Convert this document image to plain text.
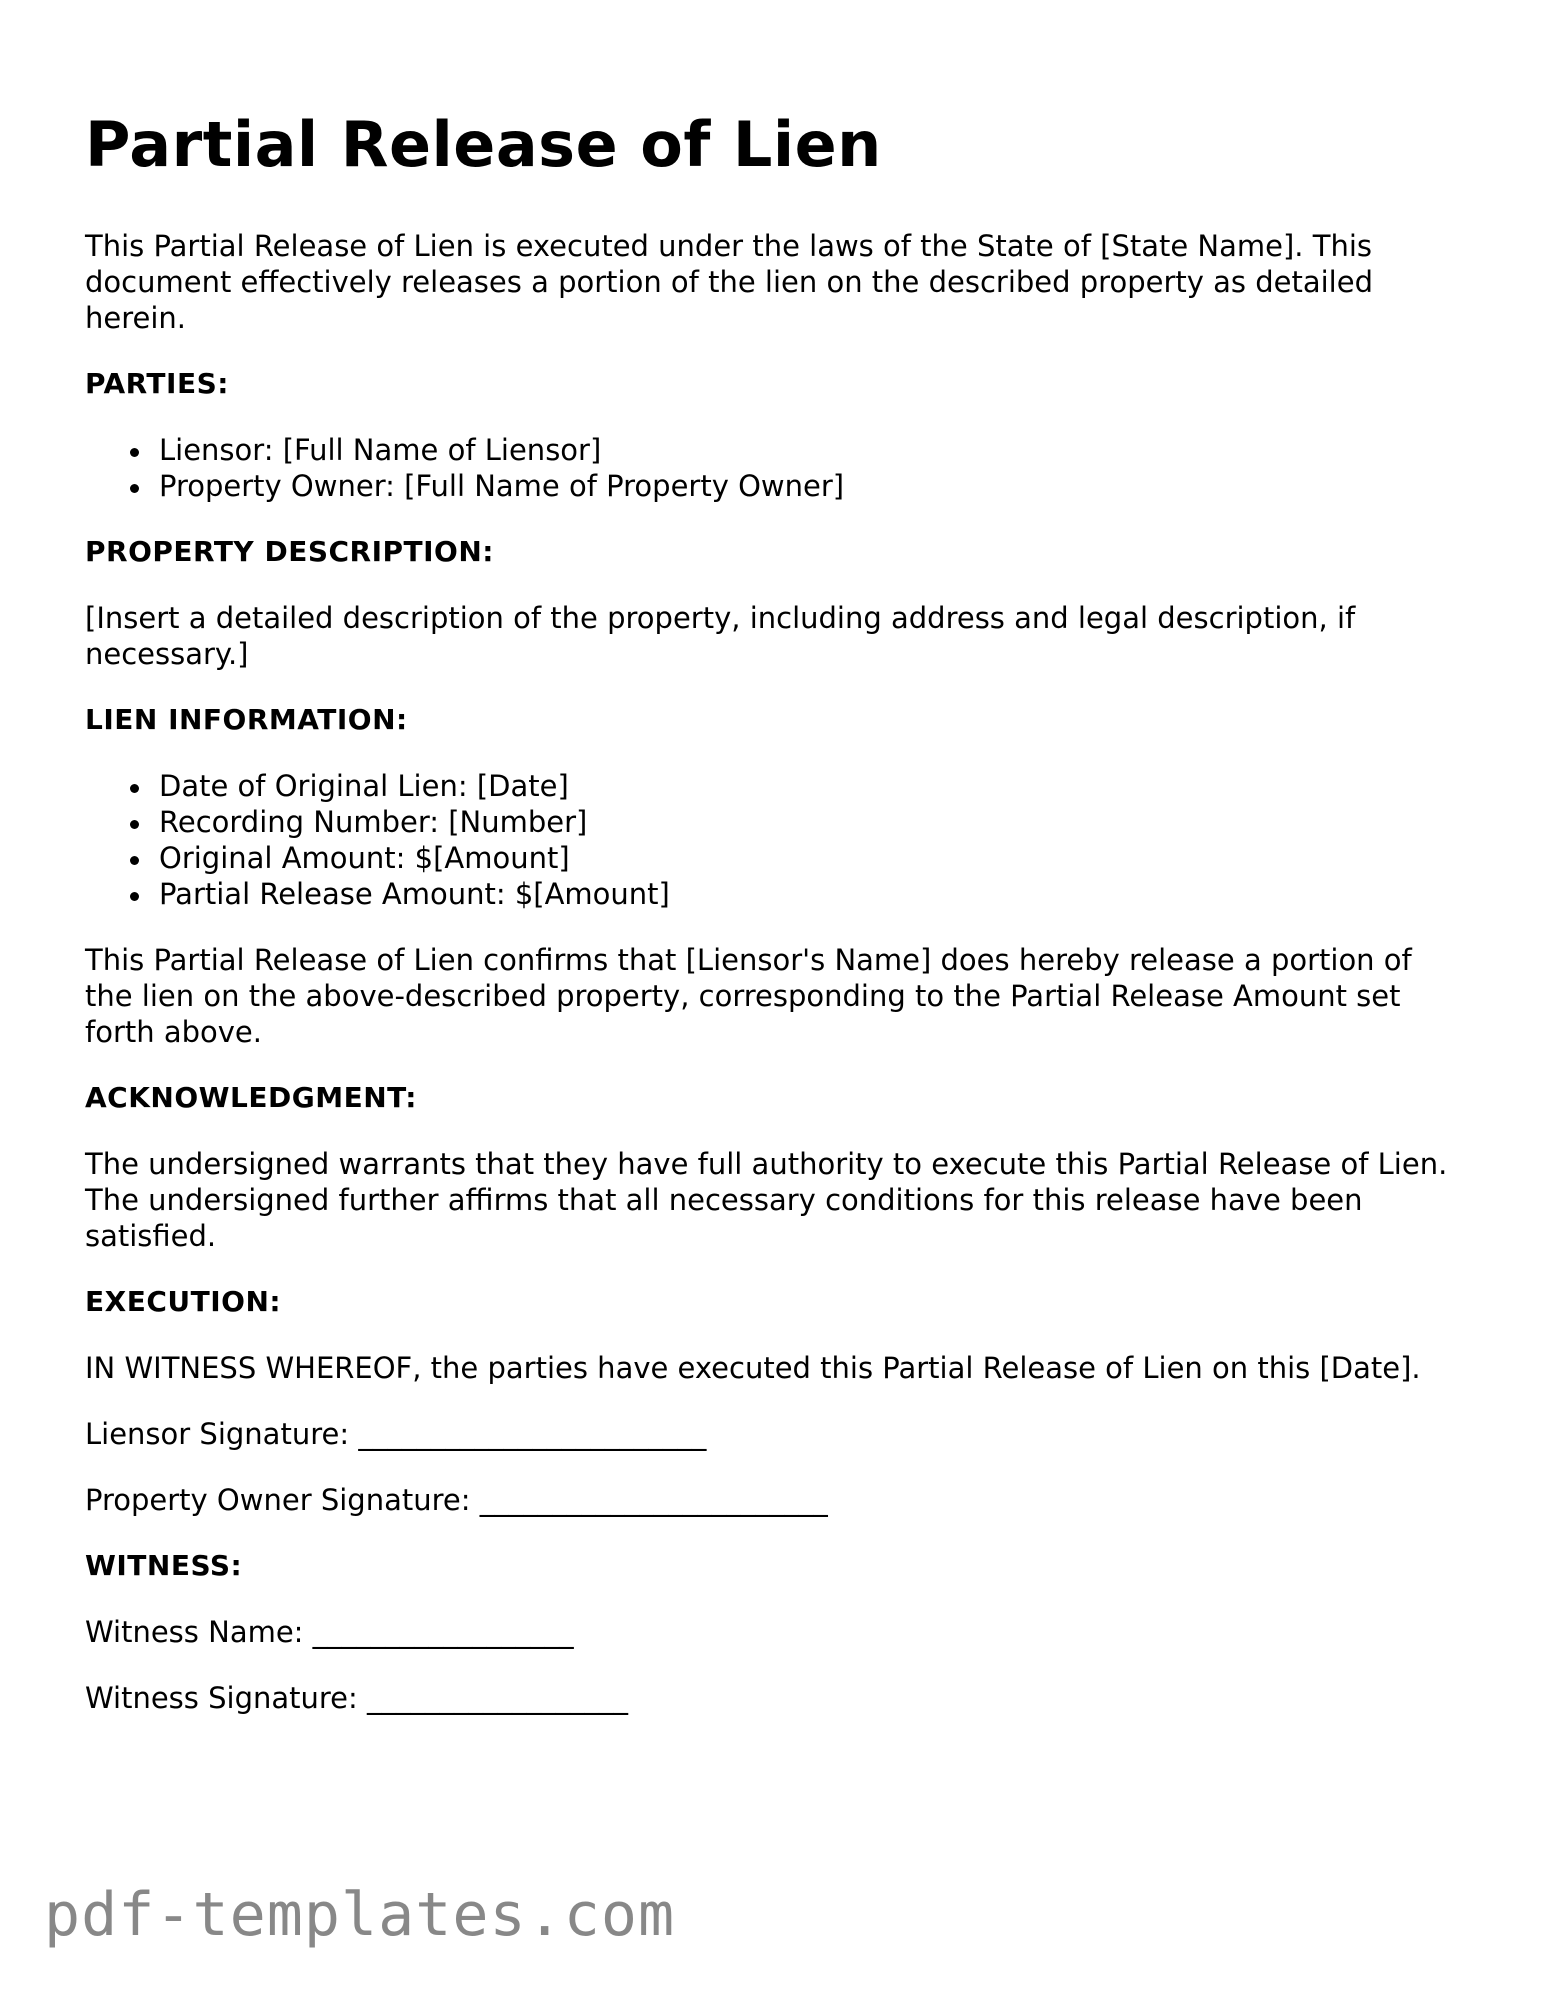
Partial Release of Lien

This Partial Release of Lien is executed under the laws of the State of [State Name]. This document effectively releases a portion of the lien on the described property as detailed herein.

PARTIES:

Liensor: [Full Name of Liensor]
Property Owner: [Full Name of Property Owner]

PROPERTY DESCRIPTION:

[Insert a detailed description of the property, including address and legal description, if necessary.]

LIEN INFORMATION:

Date of Original Lien: [Date]
Recording Number: [Number]
Original Amount: $[Amount]
Partial Release Amount: $[Amount]

This Partial Release of Lien confirms that [Liensor's Name] does hereby release a portion of the lien on the above-described property, corresponding to the Partial Release Amount set forth above.

ACKNOWLEDGMENT:

The undersigned warrants that they have full authority to execute this Partial Release of Lien. The undersigned further affirms that all necessary conditions for this release have been satisfied.

EXECUTION:

IN WITNESS WHEREOF, the parties have executed this Partial Release of Lien on this [Date].

Liensor Signature: ________________________

Property Owner Signature: ________________________

WITNESS:

Witness Name: __________________

Witness Signature: __________________

pdf-templates.com
